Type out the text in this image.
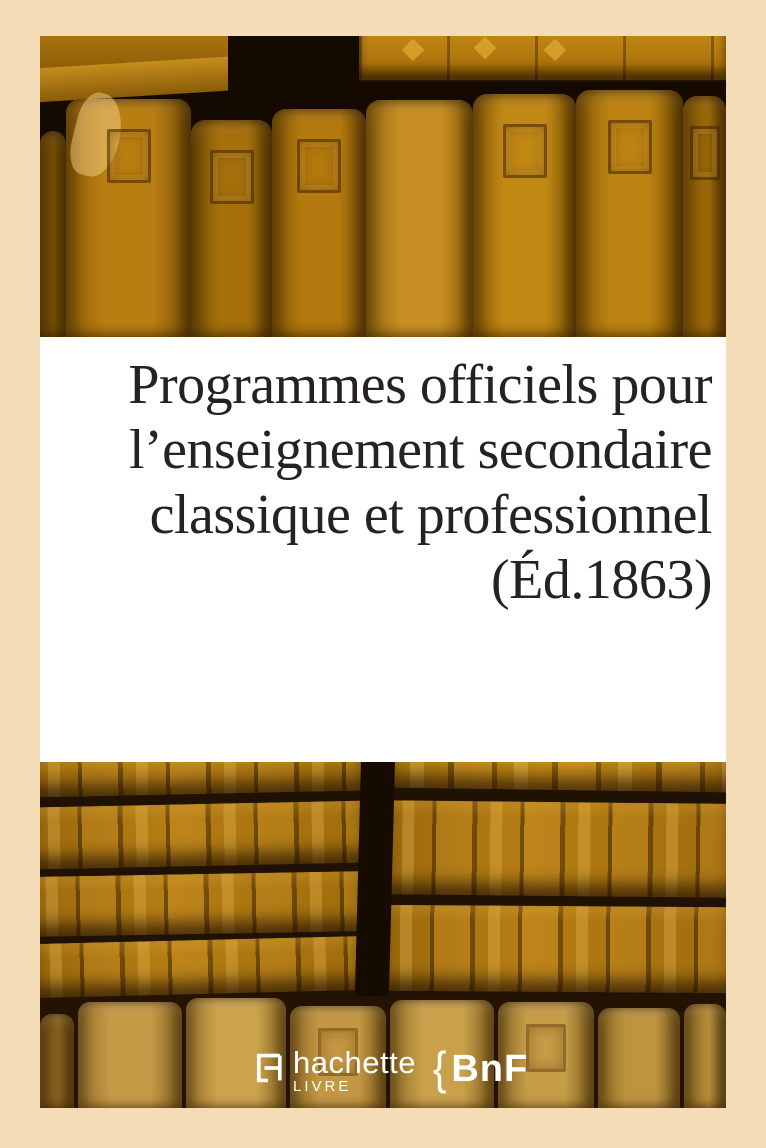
Programmes officiels pour
l’enseignement secondaire
classique et professionnel
(Éd.1863)
hachette
LIVRE	{ BnF
